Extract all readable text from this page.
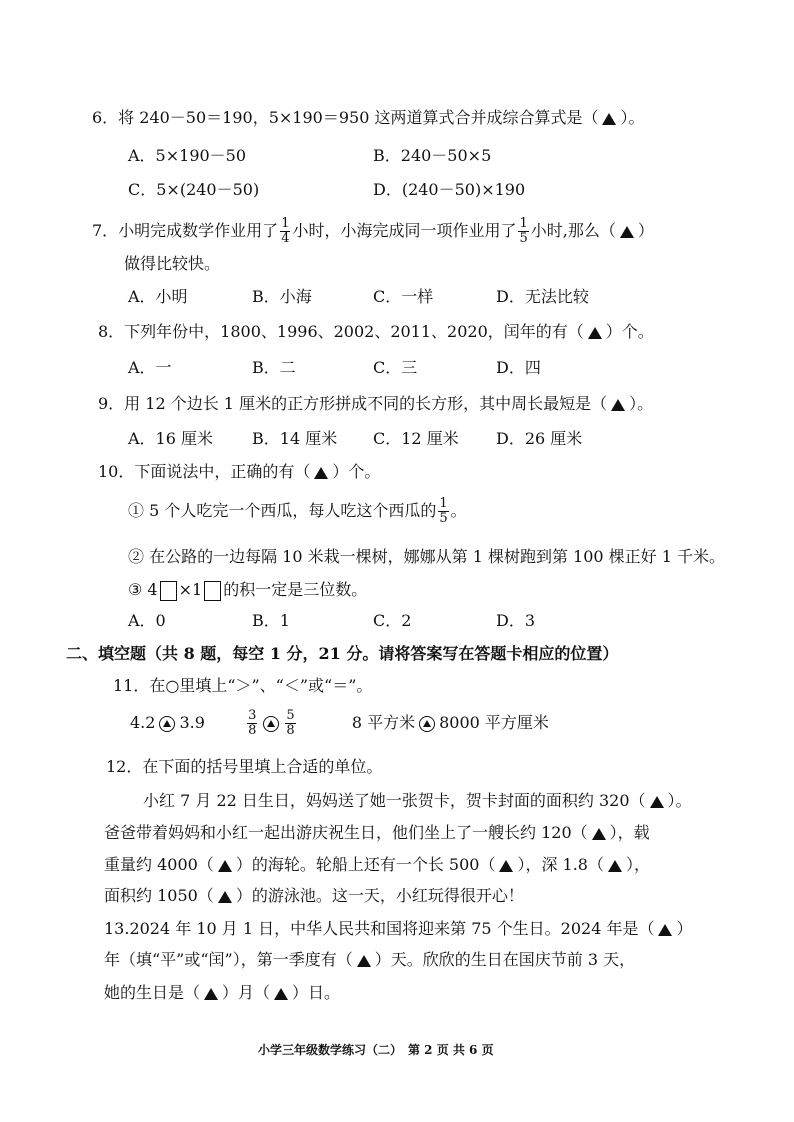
6．将 240－50＝190，5×190＝950 这两道算式合并成综合算式是（ ）。
A．5×190－50	B．240－50×5
C．5×(240－50)	D．(240－50)×190
7．小明完成数学作业用了 $\frac{1}{4}$ 小时，小海完成同一项作业用了 $\frac{1}{5}$ 小时,那么（ ）
做得比较快。
A．小明	B．小海	C．一样	D．无法比较
8．下列年份中，1800、1996、2002、2011、2020，闰年的有（ ）个。
A．一	B．二	C．三	D．四
9．用 12 个边长 1 厘米的正方形拼成不同的长方形，其中周长最短是（ ）。
A．16 厘米 B．14 厘米 C．12 厘米 D．26 厘米
10．下面说法中，正确的有（ ）个。
① 5 个人吃完一个西瓜，每人吃这个西瓜的 $\frac{1}{5}$ 。
② 在公路的一边每隔 10 米栽一棵树，娜娜从第 1 棵树跑到第 100 棵正好 1 千米。
③ 4 ×1 的积一定是三位数。
A．0	B．1	C．2	D．3
二、填空题（共 8 题，每空 1 分，21 分。请将答案写在答题卡相应的位置）
11．在○里填上“＞”、“＜”或“＝”。
4.2 3.9	$\frac{3}{8} \frac{5}{8}$	8 平方米 8000 平方厘米
12．在下面的括号里填上合适的单位。
小红 7 月 22 日生日，妈妈送了她一张贺卡，贺卡封面的面积约 320（ ）。
爸爸带着妈妈和小红一起出游庆祝生日，他们坐上了一艘长约 120（ ），载
重量约 4000（ ）的海轮。轮船上还有一个长 500（ ），深 1.8（ ），
面积约 1050（ ）的游泳池。这一天，小红玩得很开心！
13.2024 年 10 月 1 日，中华人民共和国将迎来第 75 个生日。2024 年是（ ）
年（填“平”或“闰”），第一季度有（ ）天。欣欣的生日在国庆节前 3 天，
她的生日是（ ）月（ ）日。
小学三年级数学练习（二）　第 2 页 共 6 页
